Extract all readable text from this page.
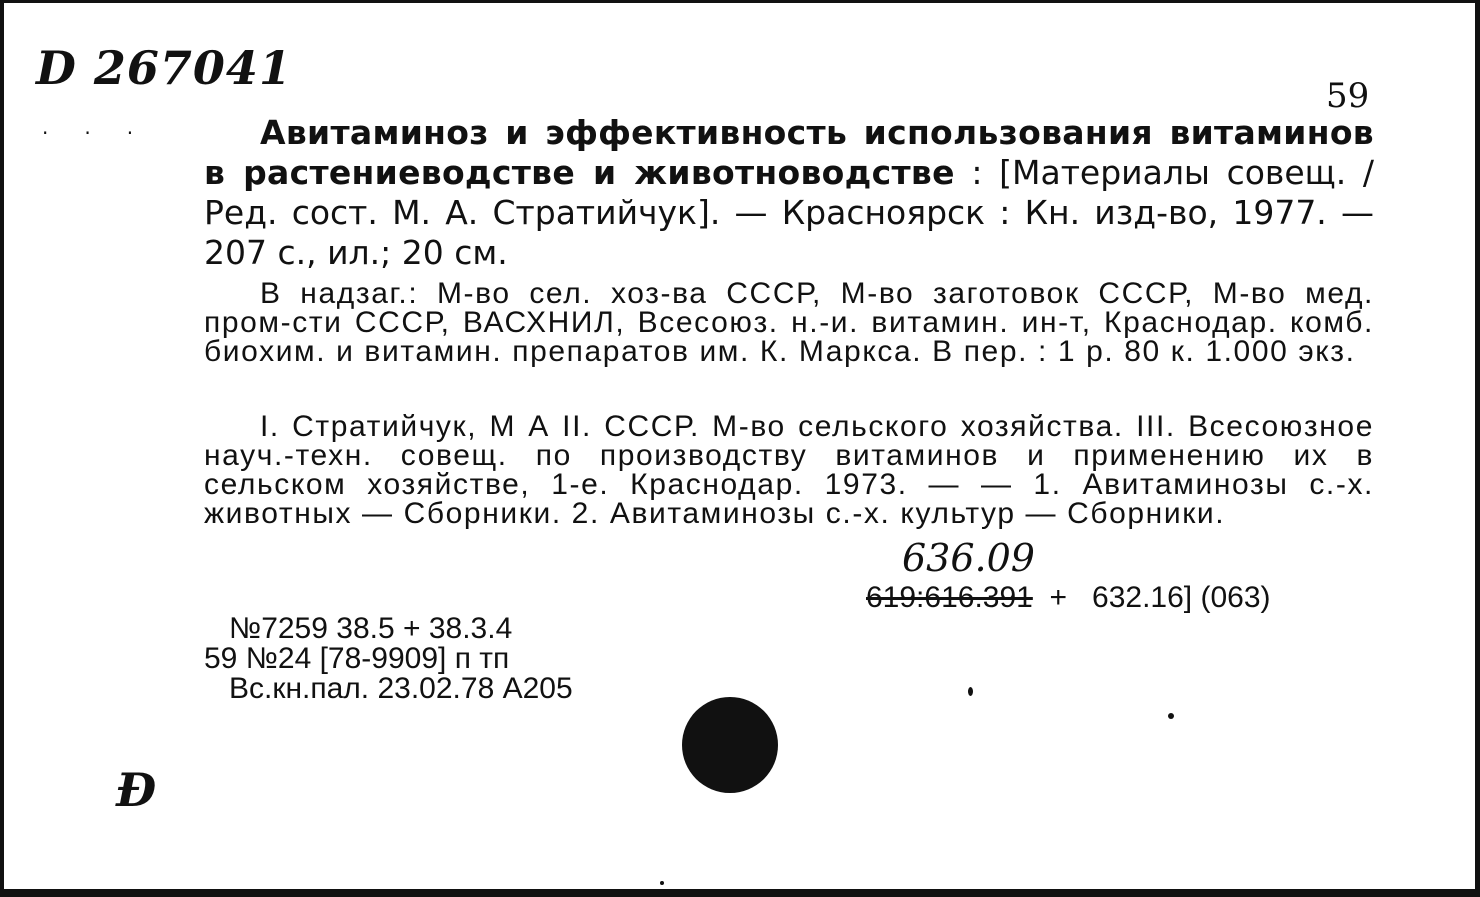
D 267041
59
···	Авитаминоз и эффективность использования витаминов в растениеводстве и животноводстве : [Материалы совещ. / Ред. сост. М. А. Стратийчук]. — Красноярск : Кн. изд-во, 1977. — 207 с., ил.; 20 см.
В надзаг.: М-во сел. хоз-ва СССР, М-во заготовок СССР, М-во мед. пром-сти СССР, ВАСХНИЛ, Всесоюз. н.-и. витамин. ин-т, Краснодар. комб. биохим. и витамин. препаратов им. К. Маркса. В пер. : 1 р. 80 к. 1.000 экз.
I. Стратийчук, М А II. СССР. М-во сельского хозяйства. III. Всесоюзное науч.-техн. совещ. по производству витаминов и применению их в сельском хозяйстве, 1-е. Краснодар. 1973. — — 1. Авитаминозы с.-х. животных — Сборники. 2. Авитаминозы с.-х. культур — Сборники.
636.09
619:616.391  +   632.16] (063)
№7259 38.5 + 38.3.4
59 №24 [78-9909] п тп
Вс.кн.пал. 23.02.78 А205
Ɖ
